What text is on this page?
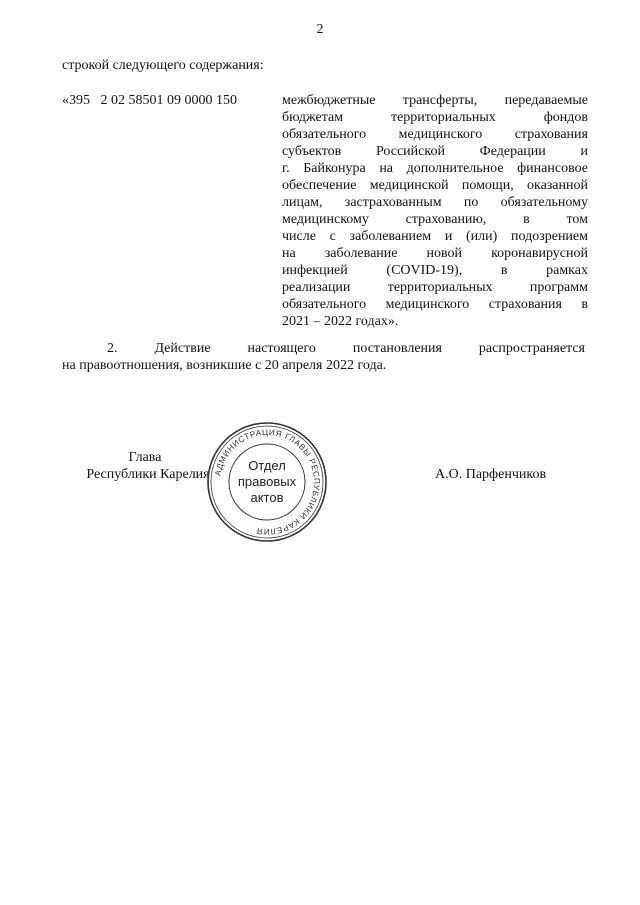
2
строкой следующего содержания:
«395   2 02 58501 09 0000 150	межбюджетные трансферты, передаваемые
бюджетам территориальных фондов
обязательного медицинского страхования
субъектов Российской Федерации и
г. Байконура на дополнительное финансовое
обеспечение медицинской помощи, оказанной
лицам, застрахованным по обязательному
медицинскому страхованию, в том
числе с заболеванием и (или) подозрением
на заболевание новой коронавирусной
инфекцией (COVID-19), в рамках
реализации территориальных программ
обязательного медицинского страхования в
2021 – 2022 годах».
2.	Действие	настоящего	постановления	распространяется
на правоотношения, возникшие с 20 апреля 2022 года.
Глава
Республики Карелия АДМИНИСТРАЦИЯ ГЛАВЫ РЕСПУБЛИКИ КАРЕЛИЯ
Отдел
правовых
актов
А.О. Парфенчиков
